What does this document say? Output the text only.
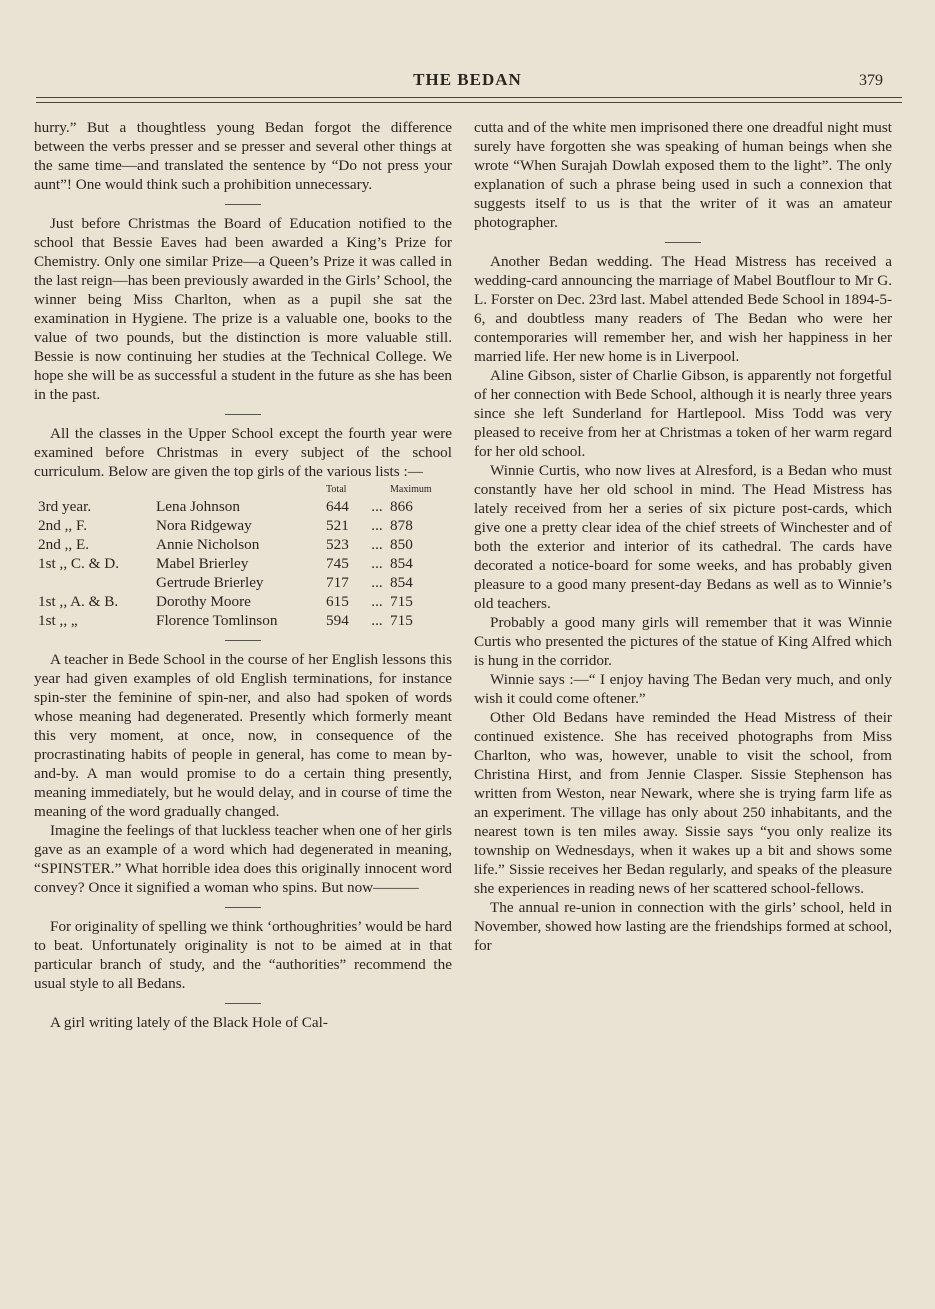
THE BEDAN	379

hurry.” But a thoughtless young Bedan forgot the difference between the verbs presser and se presser and several other things at the same time—and translated the sentence by “Do not press your aunt”! One would think such a prohibition unnecessary.

Just before Christmas the Board of Education notified to the school that Bessie Eaves had been awarded a King’s Prize for Chemistry. Only one similar Prize—a Queen’s Prize it was called in the last reign—has been previously awarded in the Girls’ School, the winner being Miss Charlton, when as a pupil she sat the examination in Hygiene. The prize is a valuable one, books to the value of two pounds, but the distinction is more valuable still. Bessie is now continuing her studies at the Technical College. We hope she will be as successful a student in the future as she has been in the past.

All the classes in the Upper School except the fourth year were examined before Christmas in every subject of the school curriculum. Below are given the top girls of the various lists :—

		Total		Maximum
3rd year.	Lena Johnson	644	...	866
2nd ,, F.	Nora Ridgeway	521	...	878
2nd ,, E.	Annie Nicholson	523	...	850
1st ,, C. & D.	Mabel Brierley	745	...	854
	Gertrude Brierley	717	...	854
1st ,, A. & B.	Dorothy Moore	615	...	715
1st ,, „	Florence Tomlinson	594	...	715

A teacher in Bede School in the course of her English lessons this year had given examples of old English terminations, for instance spin-ster the feminine of spin-ner, and also had spoken of words whose meaning had degenerated. Presently which formerly meant this very moment, at once, now, in consequence of the procrastinating habits of people in general, has come to mean by-and-by. A man would promise to do a certain thing presently, meaning immediately, but he would delay, and in course of time the meaning of the word gradually changed.

Imagine the feelings of that luckless teacher when one of her girls gave as an example of a word which had degenerated in meaning, “SPINSTER.” What horrible idea does this originally innocent word convey? Once it signified a woman who spins. But now———

For originality of spelling we think ‘orthoughrities’ would be hard to beat. Unfortunately originality is not to be aimed at in that particular branch of study, and the “authorities” recommend the usual style to all Bedans.

A girl writing lately of the Black Hole of Cal-

cutta and of the white men imprisoned there one dreadful night must surely have forgotten she was speaking of human beings when she wrote “When Surajah Dowlah exposed them to the light”. The only explanation of such a phrase being used in such a connexion that suggests itself to us is that the writer of it was an amateur photographer.

Another Bedan wedding. The Head Mistress has received a wedding-card announcing the marriage of Mabel Boutflour to Mr G. L. Forster on Dec. 23rd last. Mabel attended Bede School in 1894-5-6, and doubtless many readers of The Bedan who were her contemporaries will remember her, and wish her happiness in her married life. Her new home is in Liverpool.

Aline Gibson, sister of Charlie Gibson, is apparently not forgetful of her connection with Bede School, although it is nearly three years since she left Sunderland for Hartlepool. Miss Todd was very pleased to receive from her at Christmas a token of her warm regard for her old school.

Winnie Curtis, who now lives at Alresford, is a Bedan who must constantly have her old school in mind. The Head Mistress has lately received from her a series of six picture post-cards, which give one a pretty clear idea of the chief streets of Winchester and of both the exterior and interior of its cathedral. The cards have decorated a notice-board for some weeks, and has probably given pleasure to a good many present-day Bedans as well as to Winnie’s old teachers.

Probably a good many girls will remember that it was Winnie Curtis who presented the pictures of the statue of King Alfred which is hung in the corridor.

Winnie says :—“ I enjoy having The Bedan very much, and only wish it could come oftener.”

Other Old Bedans have reminded the Head Mistress of their continued existence. She has received photographs from Miss Charlton, who was, however, unable to visit the school, from Christina Hirst, and from Jennie Clasper. Sissie Stephenson has written from Weston, near Newark, where she is trying farm life as an experiment. The village has only about 250 inhabitants, and the nearest town is ten miles away. Sissie says “you only realize its township on Wednesdays, when it wakes up a bit and shows some life.” Sissie receives her Bedan regularly, and speaks of the pleasure she experiences in reading news of her scattered school-fellows.

The annual re-union in connection with the girls’ school, held in November, showed how lasting are the friendships formed at school, for
